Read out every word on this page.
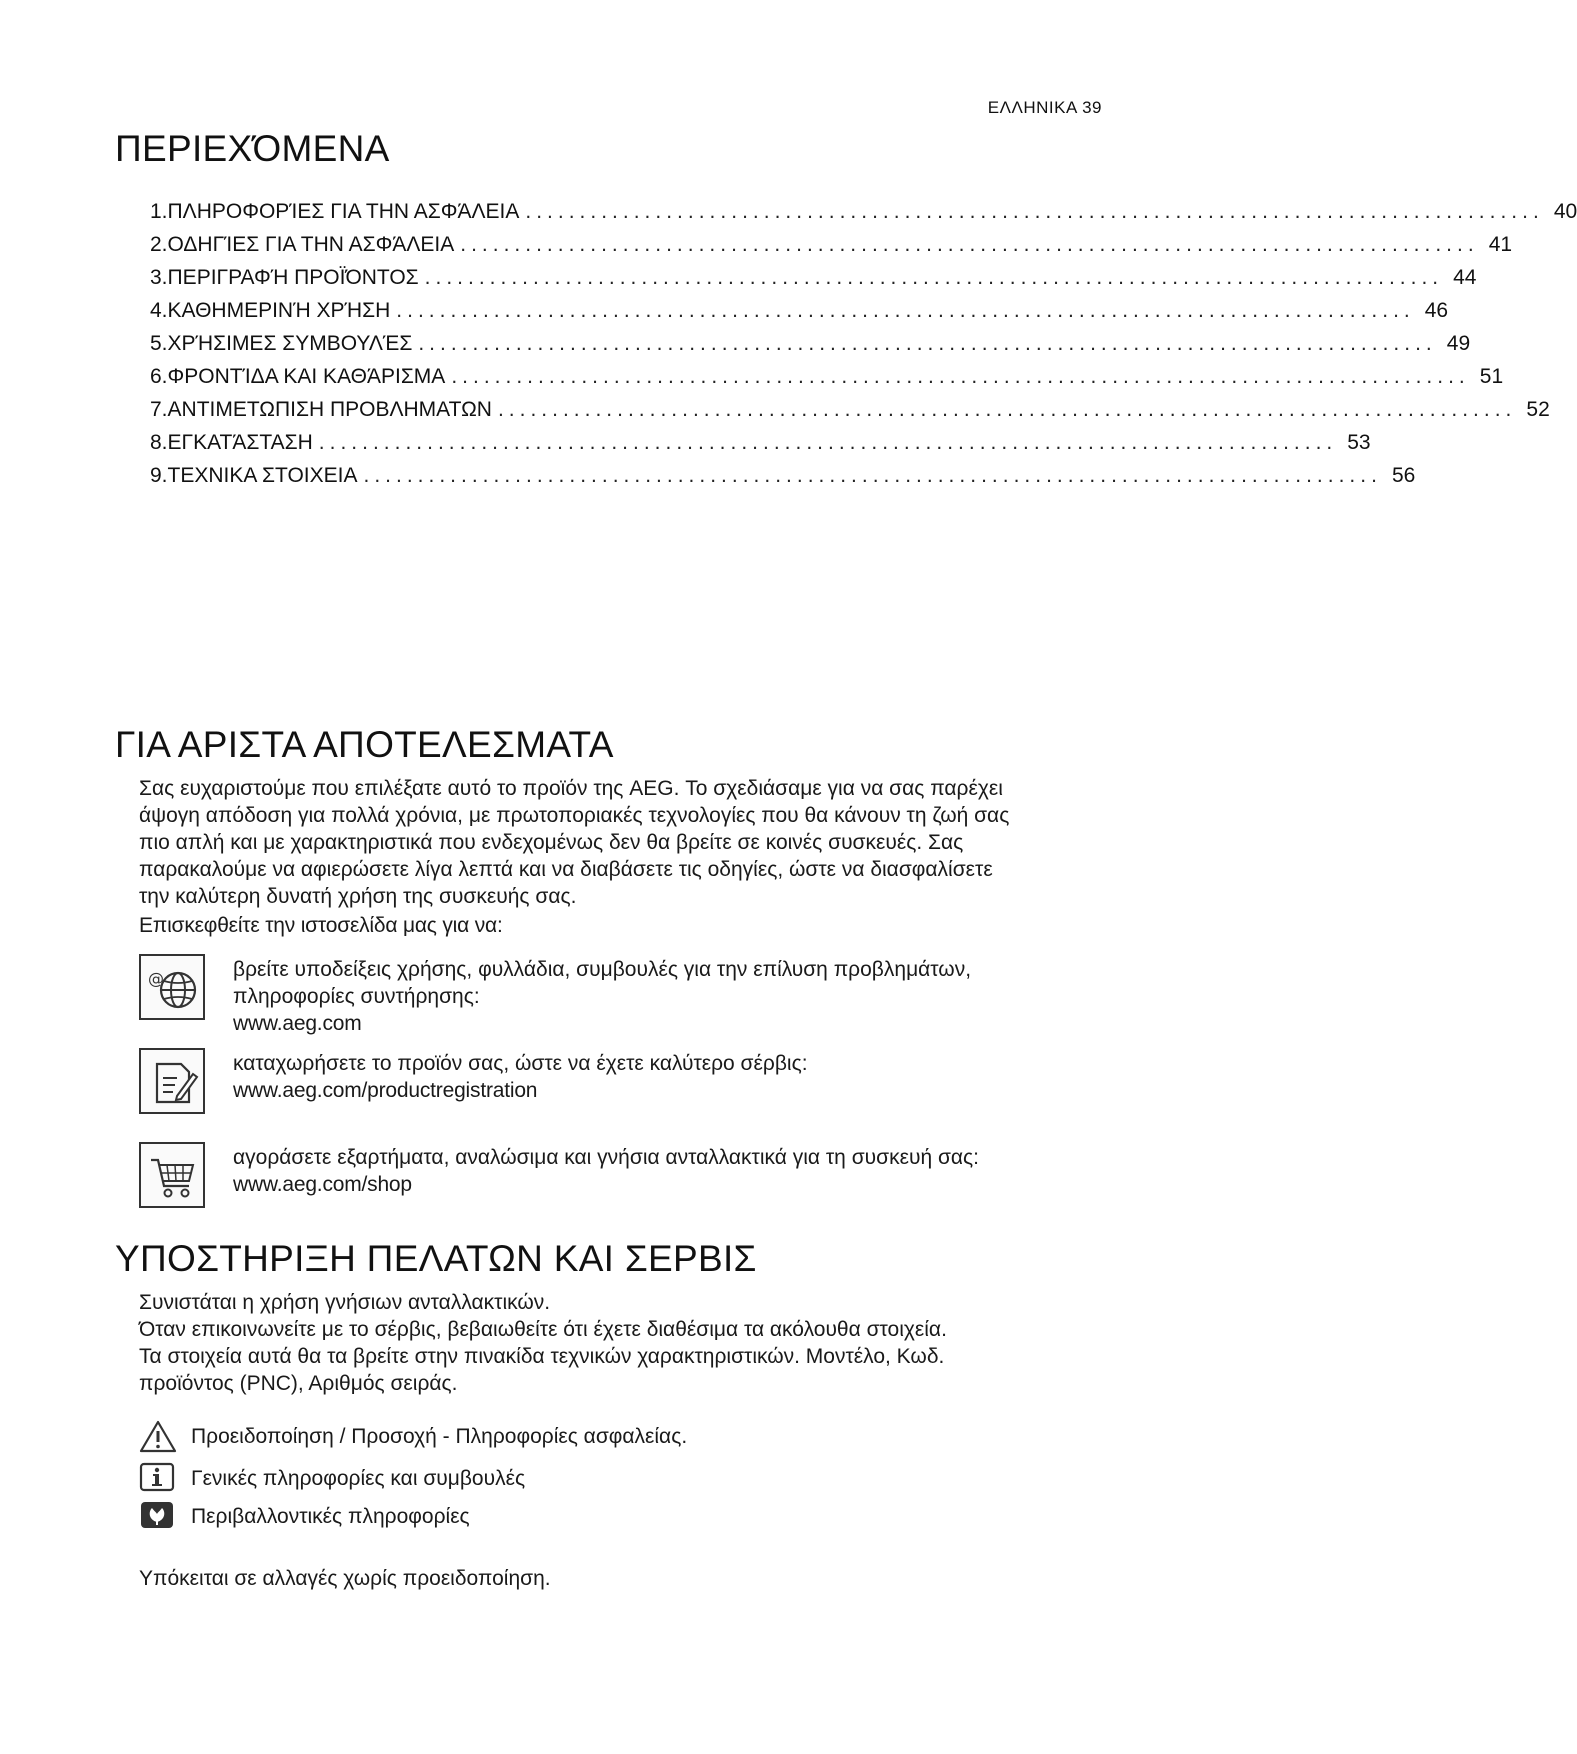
ΕΛΛΗΝΙΚΑ 39
ΠΕΡΙΕΧΌΜΕΝΑ
1. ΠΛΗΡΟΦΟΡΊΕΣ ΓΙΑ ΤΗΝ ΑΣΦΆΛΕΙΑ .............................................................................................. 40
2. ΟΔΗΓΊΕΣ ΓΙΑ ΤΗΝ ΑΣΦΆΛΕΙΑ .............................................................................................. 41
3. ΠΕΡΙΓΡΑΦΉ ΠΡΟΪΌΝΤΟΣ .............................................................................................. 44
4. ΚΑΘΗΜΕΡΙΝΉ ΧΡΉΣΗ .............................................................................................. 46
5. ΧΡΉΣΙΜΕΣ ΣΥΜΒΟΥΛΈΣ .............................................................................................. 49
6. ΦΡΟΝΤΊΔΑ ΚΑΙ ΚΑΘΆΡΙΣΜΑ .............................................................................................. 51
7. ΑΝΤΙΜΕΤΩΠΙΣΗ ΠΡΟΒΛΗΜΑΤΩΝ .............................................................................................. 52
8. ΕΓΚΑΤΆΣΤΑΣΗ .............................................................................................. 53
9. ΤΕΧΝΙΚΑ ΣΤΟΙΧΕΙΑ .............................................................................................. 56
ΓΙΑ ΑΡΙΣΤΑ ΑΠΟΤΕΛΕΣΜΑΤΑ
Σας ευχαριστούμε που επιλέξατε αυτό το προϊόν της AEG. Το σχεδιάσαμε για να σας παρέχει
άψογη απόδοση για πολλά χρόνια, με πρωτοποριακές τεχνολογίες που θα κάνουν τη ζωή σας
πιο απλή και με χαρακτηριστικά που ενδεχομένως δεν θα βρείτε σε κοινές συσκευές. Σας
παρακαλούμε να αφιερώσετε λίγα λεπτά και να διαβάσετε τις οδηγίες, ώστε να διασφαλίσετε
την καλύτερη δυνατή χρήση της συσκευής σας.
Επισκεφθείτε την ιστοσελίδα μας για να:
@	βρείτε υποδείξεις χρήσης, φυλλάδια, συμβουλές για την επίλυση προβλημάτων,
πληροφορίες συντήρησης:
www.aeg.com
καταχωρήσετε το προϊόν σας, ώστε να έχετε καλύτερο σέρβις:
www.aeg.com/productregistration
αγοράσετε εξαρτήματα, αναλώσιμα και γνήσια ανταλλακτικά για τη συσκευή σας:
www.aeg.com/shop
ΥΠΟΣΤΗΡΙΞΗ ΠΕΛΑΤΩΝ ΚΑΙ ΣΕΡΒΙΣ
Συνιστάται η χρήση γνήσιων ανταλλακτικών.
Όταν επικοινωνείτε με το σέρβις, βεβαιωθείτε ότι έχετε διαθέσιμα τα ακόλουθα στοιχεία.
Τα στοιχεία αυτά θα τα βρείτε στην πινακίδα τεχνικών χαρακτηριστικών. Μοντέλο, Κωδ.
προϊόντος (PNC), Αριθμός σειράς.
Προειδοποίηση / Προσοχή - Πληροφορίες ασφαλείας.
Γενικές πληροφορίες και συμβουλές
Περιβαλλοντικές πληροφορίες
Υπόκειται σε αλλαγές χωρίς προειδοποίηση.
